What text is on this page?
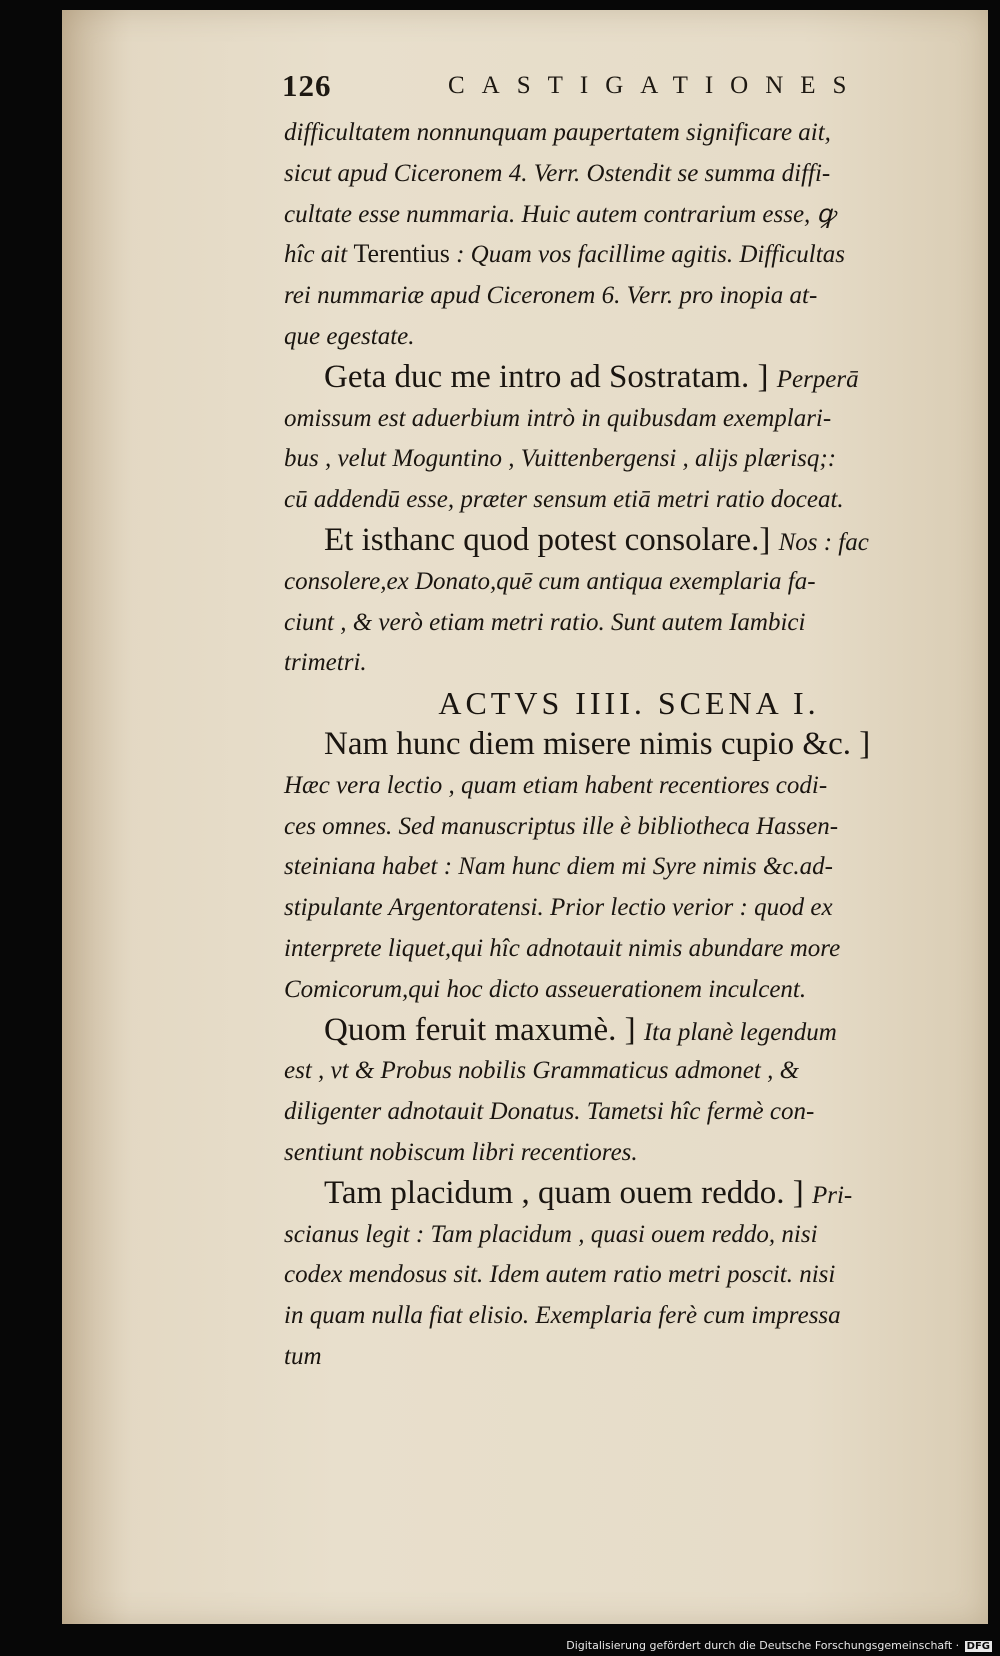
126	CASTIGATIONES
difficultatem nonnunquam paupertatem significare ait,
sicut apud Ciceronem 4. Verr. Ostendit se summa diffi-
cultate esse nummaria. Huic autem contrarium esse, ꝙ
hîc ait Terentius : Quam vos facillime agitis. Difficultas
rei nummariæ apud Ciceronem 6. Verr. pro inopia at-
que egestate.
Geta duc me intro ad Sostratam. ] Perperā
omissum est aduerbium intrò in quibusdam exemplari-
bus , velut Moguntino , Vuittenbergensi , alijs plærisq;:
cū addendū esse, præter sensum etiā metri ratio doceat.
Et isthanc quod potest consolare.] Nos : fac
consolere,ex Donato,quē cum antiqua exemplaria fa-
ciunt , & verò etiam metri ratio. Sunt autem Iambici
trimetri.
ACTVS IIII. SCENA I.
Nam hunc diem misere nimis cupio &c. ]
Hæc vera lectio , quam etiam habent recentiores codi-
ces omnes. Sed manuscriptus ille è bibliotheca Hassen-
steiniana habet : Nam hunc diem mi Syre nimis &c.ad-
stipulante Argentoratensi. Prior lectio verior : quod ex
interprete liquet,qui hîc adnotauit nimis abundare more
Comicorum,qui hoc dicto asseuerationem inculcent.
Quom feruit maxumè. ] Ita planè legendum
est , vt & Probus nobilis Grammaticus admonet , &
diligenter adnotauit Donatus. Tametsi hîc fermè con-
sentiunt nobiscum libri recentiores.
Tam placidum , quam ouem reddo. ] Pri-
scianus legit : Tam placidum , quasi ouem reddo, nisi
codex mendosus sit. Idem autem ratio metri poscit. nisi
in quam nulla fiat elisio. Exemplaria ferè cum impressa
tum
Digitalisierung gefördert durch die Deutsche Forschungsgemeinschaft · DFG
